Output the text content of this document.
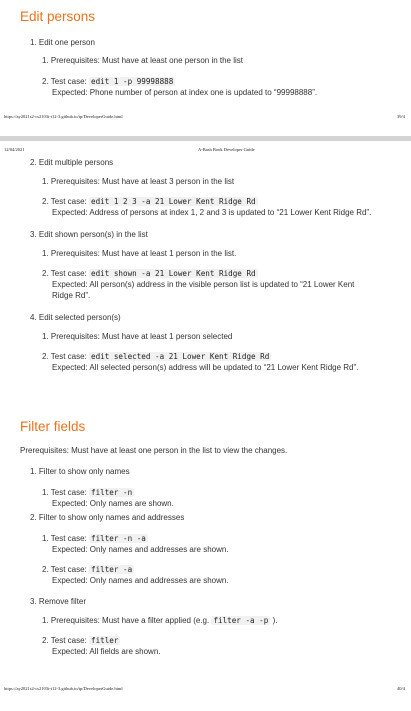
Edit persons
1. Edit one person
1. Prerequisites: Must have at least one person in the list
2. Test case: edit 1 -p 99998888
Expected: Phone number of person at index one is updated to “99998888”.
https://ay2021s2-cs2103t-t12-3.github.io/tp/DeveloperGuide.html	39/4
12/04/2021	A-Bash Book Developer Guide
2. Edit multiple persons
1. Prerequisites: Must have at least 3 person in the list
2. Test case: edit 1 2 3 -a 21 Lower Kent Ridge Rd
Expected: Address of persons at index 1, 2 and 3 is updated to “21 Lower Kent Ridge Rd”.
3. Edit shown person(s) in the list
1. Prerequisites: Must have at least 1 person in the list.
2. Test case: edit shown -a 21 Lower Kent Ridge Rd
Expected: All person(s) address in the visible person list is updated to “21 Lower Kent
Ridge Rd”.
4. Edit selected person(s)
1. Prerequisites: Must have at least 1 person selected
2. Test case: edit selected -a 21 Lower Kent Ridge Rd
Expected: All selected person(s) address will be updated to “21 Lower Kent Ridge Rd”.
Filter fields
Prerequisites: Must have at least one person in the list to view the changes.
1. Filter to show only names
1. Test case: filter -n
Expected: Only names are shown.
2. Filter to show only names and addresses
1. Test case: filter -n -a
Expected: Only names and addresses are shown.
2. Test case: filter -a
Expected: Only names and addresses are shown.
3. Remove filter
1. Prerequisites: Must have a filter applied (e.g. filter -a -p ).
2. Test case: fitler
Expected: All fields are shown.
https://ay2021s2-cs2103t-t12-3.github.io/tp/DeveloperGuide.html	40/4
